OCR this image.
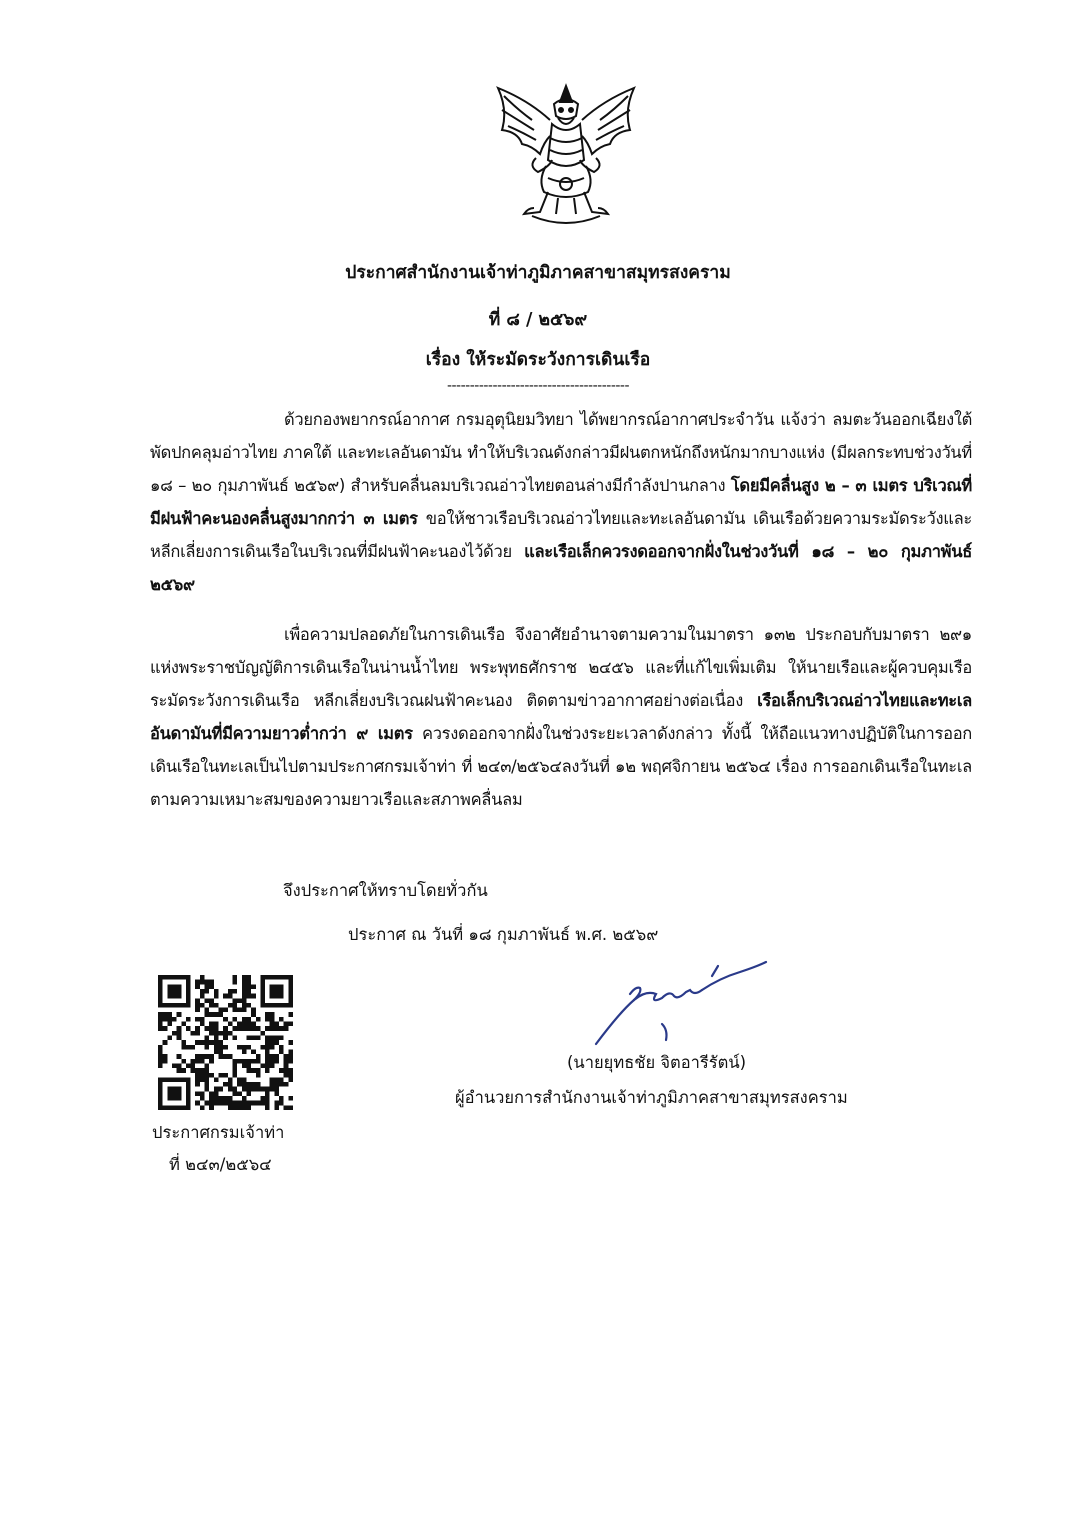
ประกาศสำนักงานเจ้าท่าภูมิภาคสาขาสมุทรสงคราม
ที่ ๘ / ๒๕๖๙
เรื่อง ให้ระมัดระวังการเดินเรือ
----------------------------------------

ด้วยกองพยากรณ์อากาศ กรมอุตุนิยมวิทยา ได้พยากรณ์อากาศประจำวัน แจ้งว่า ลมตะวันออกเฉียงใต้พัดปกคลุมอ่าวไทย ภาคใต้ และทะเลอันดามัน ทำให้บริเวณดังกล่าวมีฝนตกหนักถึงหนักมากบางแห่ง (มีผลกระทบช่วงวันที่ ๑๘ – ๒๐ กุมภาพันธ์ ๒๕๖๙) สำหรับคลื่นลมบริเวณอ่าวไทยตอนล่างมีกำลังปานกลาง โดยมีคลื่นสูง ๒ – ๓ เมตร บริเวณที่มีฝนฟ้าคะนองคลื่นสูงมากกว่า ๓ เมตร ขอให้ชาวเรือบริเวณอ่าวไทยและทะเลอันดามัน เดินเรือด้วยความระมัดระวังและหลีกเลี่ยงการเดินเรือในบริเวณที่มีฝนฟ้าคะนองไว้ด้วย และเรือเล็กควรงดออกจากฝั่งในช่วงวันที่ ๑๘ – ๒๐ กุมภาพันธ์ ๒๕๖๙

เพื่อความปลอดภัยในการเดินเรือ จึงอาศัยอำนาจตามความในมาตรา ๑๓๒ ประกอบกับมาตรา ๒๙๑ แห่งพระราชบัญญัติการเดินเรือในน่านน้ำไทย พระพุทธศักราช ๒๔๕๖ และที่แก้ไขเพิ่มเติม ให้นายเรือและผู้ควบคุมเรือระมัดระวังการเดินเรือ หลีกเลี่ยงบริเวณฝนฟ้าคะนอง ติดตามข่าวอากาศอย่างต่อเนื่อง เรือเล็กบริเวณอ่าวไทยและทะเลอันดามันที่มีความยาวต่ำกว่า ๙ เมตร ควรงดออกจากฝั่งในช่วงระยะเวลาดังกล่าว ทั้งนี้ ให้ถือแนวทางปฏิบัติในการออกเดินเรือในทะเลเป็นไปตามประกาศกรมเจ้าท่า ที่ ๒๔๓/๒๕๖๔ลงวันที่ ๑๒ พฤศจิกายน ๒๕๖๔ เรื่อง การออกเดินเรือในทะเลตามความเหมาะสมของความยาวเรือและสภาพคลื่นลม

จึงประกาศให้ทราบโดยทั่วกัน
ประกาศ ณ วันที่ ๑๘ กุมภาพันธ์ พ.ศ. ๒๕๖๙
(นายยุทธชัย จิตอารีรัตน์)
ผู้อำนวยการสำนักงานเจ้าท่าภูมิภาคสาขาสมุทรสงคราม
ประกาศกรมเจ้าท่า
ที่ ๒๔๓/๒๕๖๔
